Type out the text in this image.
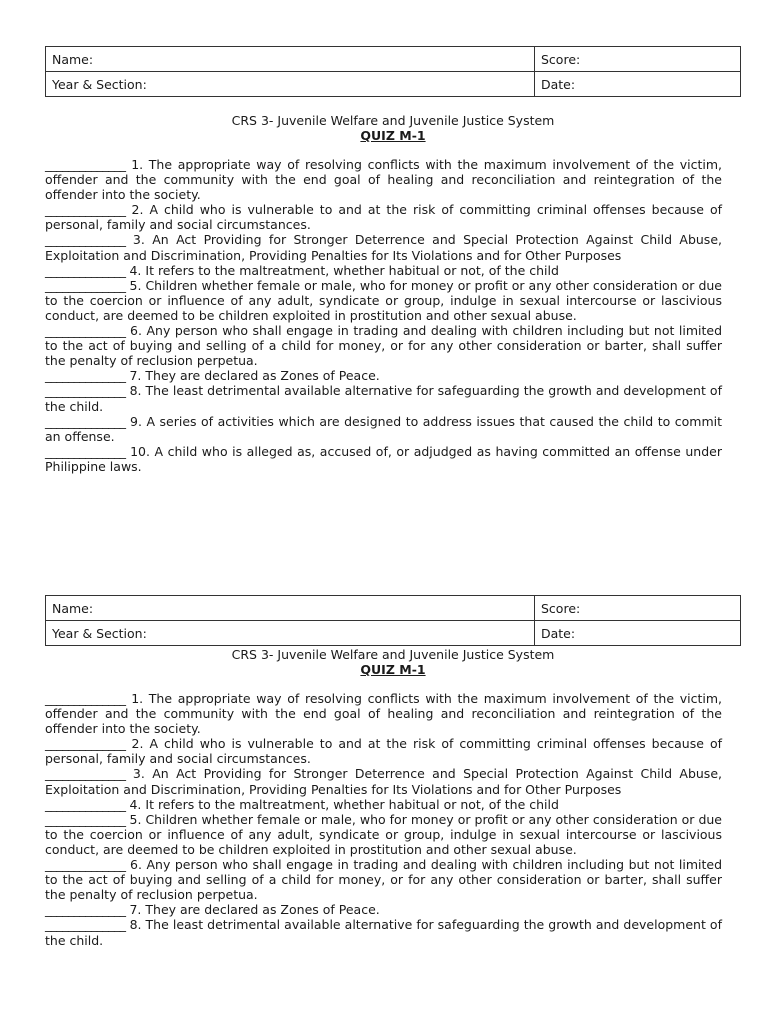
Name:	Score:
Year & Section:	Date:
CRS 3- Juvenile Welfare and Juvenile Justice System
QUIZ M-1

______________ 1. The appropriate way of resolving conflicts with the maximum involvement of the victim, offender and the community with the end goal of healing and reconciliation and reintegration of the offender into the society.

______________ 2. A child who is vulnerable to and at the risk of committing criminal offenses because of personal, family and social circumstances.

______________ 3. An Act Providing for Stronger Deterrence and Special Protection Against Child Abuse, Exploitation and Discrimination, Providing Penalties for Its Violations and for Other Purposes

______________ 4. It refers to the maltreatment, whether habitual or not, of the child

______________ 5. Children whether female or male, who for money or profit or any other consideration or due to the coercion or influence of any adult, syndicate or group, indulge in sexual intercourse or lascivious conduct, are deemed to be children exploited in prostitution and other sexual abuse.

______________ 6. Any person who shall engage in trading and dealing with children including but not limited to the act of buying and selling of a child for money, or for any other consideration or barter, shall suffer the penalty of reclusion perpetua.

______________ 7. They are declared as Zones of Peace.

______________ 8. The least detrimental available alternative for safeguarding the growth and development of the child.

______________ 9. A series of activities which are designed to address issues that caused the child to commit an offense.

______________ 10. A child who is alleged as, accused of, or adjudged as having committed an offense under Philippine laws.

Name:	Score:
Year & Section:	Date:
CRS 3- Juvenile Welfare and Juvenile Justice System
QUIZ M-1

______________ 1. The appropriate way of resolving conflicts with the maximum involvement of the victim, offender and the community with the end goal of healing and reconciliation and reintegration of the offender into the society.

______________ 2. A child who is vulnerable to and at the risk of committing criminal offenses because of personal, family and social circumstances.

______________ 3. An Act Providing for Stronger Deterrence and Special Protection Against Child Abuse, Exploitation and Discrimination, Providing Penalties for Its Violations and for Other Purposes

______________ 4. It refers to the maltreatment, whether habitual or not, of the child

______________ 5. Children whether female or male, who for money or profit or any other consideration or due to the coercion or influence of any adult, syndicate or group, indulge in sexual intercourse or lascivious conduct, are deemed to be children exploited in prostitution and other sexual abuse.

______________ 6. Any person who shall engage in trading and dealing with children including but not limited to the act of buying and selling of a child for money, or for any other consideration or barter, shall suffer the penalty of reclusion perpetua.

______________ 7. They are declared as Zones of Peace.

______________ 8. The least detrimental available alternative for safeguarding the growth and development of the child.
